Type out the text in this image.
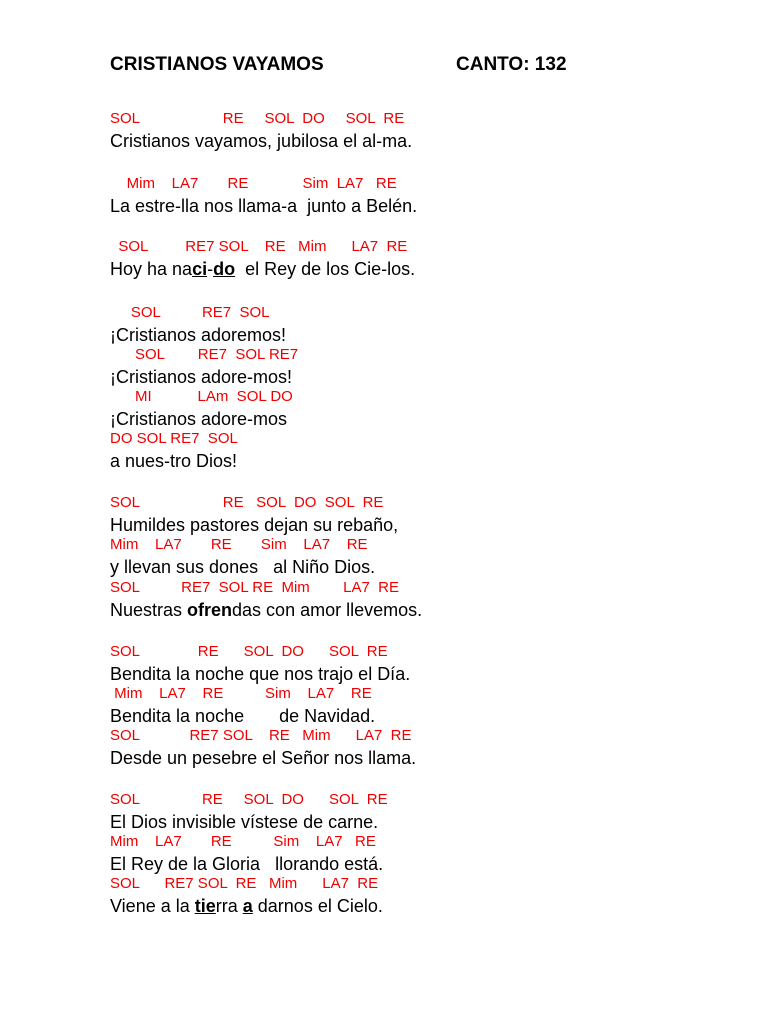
CRISTIANOS VAYAMOS	CANTO: 132
SOL                    RE     SOL  DO     SOL  RE
Cristianos vayamos, jubilosa el al-ma.
Mim    LA7       RE             Sim  LA7   RE
La estre-lla nos llama-a  junto a Belén.
SOL         RE7 SOL    RE   Mim      LA7  RE
Hoy ha naci-do  el Rey de los Cie-los.
SOL          RE7  SOL
¡Cristianos adoremos!
SOL        RE7  SOL RE7
¡Cristianos adore-mos!
MI           LAm  SOL DO
¡Cristianos adore-mos
DO SOL RE7  SOL
a nues-tro Dios!
SOL                    RE   SOL  DO  SOL  RE
Humildes pastores dejan su rebaño,
Mim    LA7       RE       Sim    LA7    RE
y llevan sus dones   al Niño Dios.
SOL          RE7  SOL RE  Mim        LA7  RE
Nuestras ofrendas con amor llevemos.
SOL              RE      SOL  DO      SOL  RE
Bendita la noche que nos trajo el Día.
Mim    LA7    RE          Sim    LA7    RE
Bendita la noche       de Navidad.
SOL            RE7 SOL    RE   Mim      LA7  RE
Desde un pesebre el Señor nos llama.
SOL               RE     SOL  DO      SOL  RE
El Dios invisible vístese de carne.
Mim    LA7       RE          Sim    LA7   RE
El Rey de la Gloria   llorando está.
SOL      RE7 SOL  RE   Mim      LA7  RE
Viene a la tierra a darnos el Cielo.
